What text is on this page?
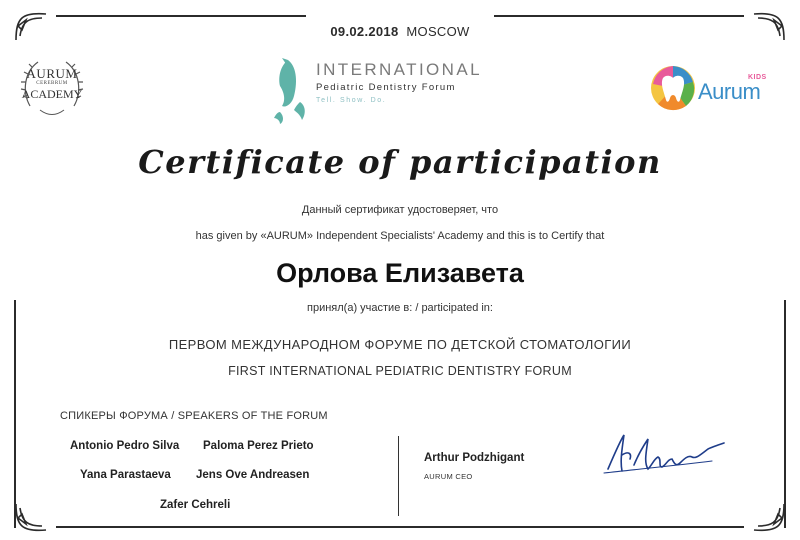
09.02.2018 MOSCOW
AURUM
CEREBRUM
ACADEMY
INTERNATIONAL
Pediatric Dentistry Forum
Tell. Show. Do.
KIDS
Aurum
Certificate of participation
Данный сертификат удостоверяет, что
has given by «AURUM» Independent Specialists' Academy and this is to Certify that
Орлова Елизавета
принял(а) участие в: / participated in:
ПЕРВОМ МЕЖДУНАРОДНОМ ФОРУМЕ ПО ДЕТСКОЙ СТОМАТОЛОГИИ
FIRST INTERNATIONAL PEDIATRIC DENTISTRY FORUM
СПИКЕРЫ ФОРУМА / SPEAKERS OF THE FORUM
Antonio Pedro Silva Paloma Perez Prieto
Yana Parastaeva Jens Ove Andreasen
Zafer Cehreli
Arthur Podzhigant
AURUM CEO
